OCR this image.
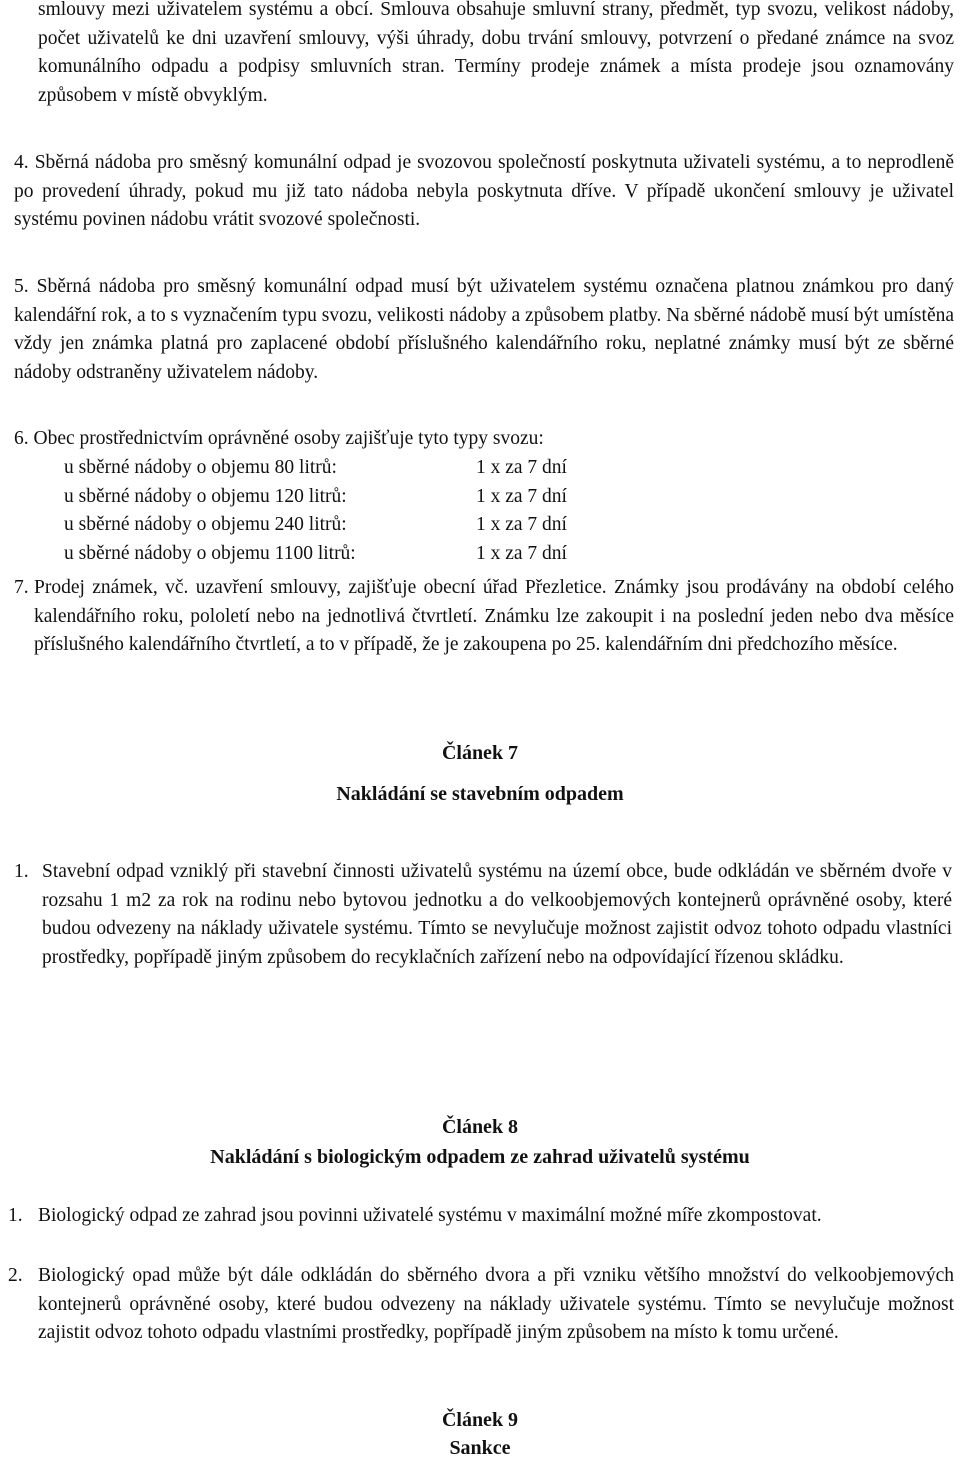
smlouvy mezi uživatelem systému a obcí. Smlouva obsahuje smluvní strany, předmět, typ svozu, velikost nádoby, počet uživatelů ke dni uzavření smlouvy, výši úhrady, dobu trvání smlouvy, potvrzení o předané známce na svoz komunálního odpadu a podpisy smluvních stran. Termíny prodeje známek a místa prodeje jsou oznamovány způsobem v místě obvyklým.
4. Sběrná nádoba pro směsný komunální odpad je svozovou společností poskytnuta uživateli systému, a to neprodleně po provedení úhrady, pokud mu již tato nádoba nebyla poskytnuta dříve. V případě ukončení smlouvy je uživatel systému povinen nádobu vrátit svozové společnosti.
5. Sběrná nádoba pro směsný komunální odpad musí být uživatelem systému označena platnou známkou pro daný kalendářní rok, a to s vyznačením typu svozu, velikosti nádoby a způsobem platby. Na sběrné nádobě musí být umístěna vždy jen známka platná pro zaplacené období příslušného kalendářního roku, neplatné známky musí být ze sběrné nádoby odstraněny uživatelem nádoby.
6. Obec prostřednictvím oprávněné osoby zajišťuje tyto typy svozu:
u sběrné nádoby o objemu 80 litrů:	1 x za 7 dní
u sběrné nádoby o objemu 120 litrů:	1 x za 7 dní
u sběrné nádoby o objemu 240 litrů:	1 x za 7 dní
u sběrné nádoby o objemu 1100 litrů:	1 x za 7 dní
7. Prodej známek, vč. uzavření smlouvy, zajišťuje obecní úřad Přezletice. Známky jsou prodávány na období celého kalendářního roku, pololetí nebo na jednotlivá čtvrtletí. Známku lze zakoupit i na poslední jeden nebo dva měsíce příslušného kalendářního čtvrtletí, a to v případě, že je zakoupena po 25. kalendářním dni předchozího měsíce.
Článek 7
Nakládání se stavebním odpadem
1. Stavební odpad vzniklý při stavební činnosti uživatelů systému na území obce, bude odkládán ve sběrném dvoře v rozsahu 1 m2 za rok na rodinu nebo bytovou jednotku a do velkoobjemových kontejnerů oprávněné osoby, které budou odvezeny na náklady uživatele systému. Tímto se nevylučuje možnost zajistit odvoz tohoto odpadu vlastníci prostředky, popřípadě jiným způsobem do recyklačních zařízení nebo na odpovídající řízenou skládku.
Článek 8
Nakládání s biologickým odpadem ze zahrad uživatelů systému
1. Biologický odpad ze zahrad jsou povinni uživatelé systému v maximální možné míře zkompostovat.
2. Biologický opad může být dále odkládán do sběrného dvora a při vzniku většího množství do velkoobjemových kontejnerů oprávněné osoby, které budou odvezeny na náklady uživatele systému. Tímto se nevylučuje možnost zajistit odvoz tohoto odpadu vlastními prostředky, popřípadě jiným způsobem na místo k tomu určené.
Článek 9
Sankce
